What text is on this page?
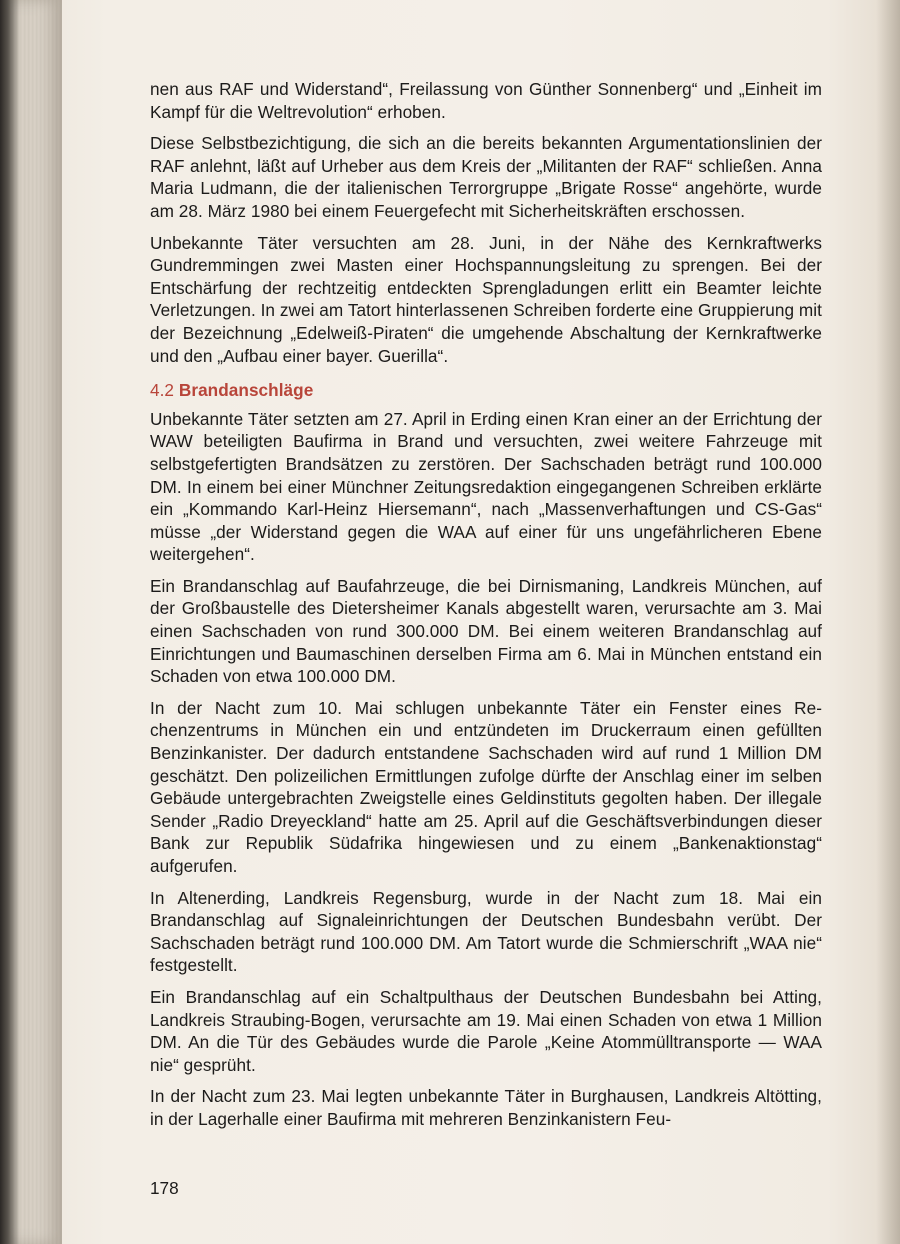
nen aus RAF und Widerstand“, Freilassung von Günther Sonnenberg“ und „Einheit im Kampf für die Weltrevolution“ erhoben.

Diese Selbstbezichtigung, die sich an die bereits bekannten Argumentationslinien der RAF anlehnt, läßt auf Urheber aus dem Kreis der „Militanten der RAF“ schließen. Anna Maria Ludmann, die der italienischen Terrorgruppe „Brigate Rosse“ angehörte, wurde am 28. März 1980 bei einem Feuergefecht mit Sicherheitskräften erschossen.

Unbekannte Täter versuchten am 28. Juni, in der Nähe des Kernkraftwerks Gundremmingen zwei Masten einer Hochspannungsleitung zu sprengen. Bei der Entschärfung der rechtzeitig entdeckten Sprengladungen erlitt ein Beamter leichte Verletzungen. In zwei am Tatort hinterlassenen Schreiben forderte eine Gruppierung mit der Bezeichnung „Edelweiß-Piraten“ die umgehende Abschaltung der Kernkraftwerke und den „Aufbau einer bayer. Guerilla“.

4.2 Brandanschläge

Unbekannte Täter setzten am 27. April in Erding einen Kran einer an der Errichtung der WAW beteiligten Baufirma in Brand und versuchten, zwei weitere Fahrzeuge mit selbstgefertigten Brandsätzen zu zerstören. Der Sachschaden beträgt rund 100.000 DM. In einem bei einer Münchner Zeitungsredaktion eingegangenen Schreiben erklärte ein „Kommando Karl-Heinz Hiersemann“, nach „Massenverhaftungen und CS-Gas“ müsse „der Widerstand gegen die WAA auf einer für uns ungefährlicheren Ebene weitergehen“.

Ein Brandanschlag auf Baufahrzeuge, die bei Dirnismaning, Landkreis München, auf der Großbaustelle des Dietersheimer Kanals abgestellt waren, verursachte am 3. Mai einen Sachschaden von rund 300.000 DM. Bei einem weiteren Brandanschlag auf Einrichtungen und Baumaschinen derselben Firma am 6. Mai in München entstand ein Schaden von etwa 100.000 DM.

In der Nacht zum 10. Mai schlugen unbekannte Täter ein Fenster eines Rechenzentrums in München ein und entzündeten im Druckerraum einen gefüllten Benzinkanister. Der dadurch entstandene Sachschaden wird auf rund 1 Million DM geschätzt. Den polizeilichen Ermittlungen zufolge dürfte der Anschlag einer im selben Gebäude untergebrachten Zweigstelle eines Geldinstituts gegolten haben. Der illegale Sender „Radio Dreyeckland“ hatte am 25. April auf die Geschäftsverbindungen dieser Bank zur Republik Südafrika hingewiesen und zu einem „Bankenaktionstag“ aufgerufen.

In Altenerding, Landkreis Regensburg, wurde in der Nacht zum 18. Mai ein Brandanschlag auf Signaleinrichtungen der Deutschen Bundesbahn verübt. Der Sachschaden beträgt rund 100.000 DM. Am Tatort wurde die Schmierschrift „WAA nie“ festgestellt.

Ein Brandanschlag auf ein Schaltpulthaus der Deutschen Bundesbahn bei Atting, Landkreis Straubing-Bogen, verursachte am 19. Mai einen Schaden von etwa 1 Million DM. An die Tür des Gebäudes wurde die Parole „Keine Atommülltransporte — WAA nie“ gesprüht.

In der Nacht zum 23. Mai legten unbekannte Täter in Burghausen, Landkreis Altötting, in der Lagerhalle einer Baufirma mit mehreren Benzinkanistern Feu-

178
